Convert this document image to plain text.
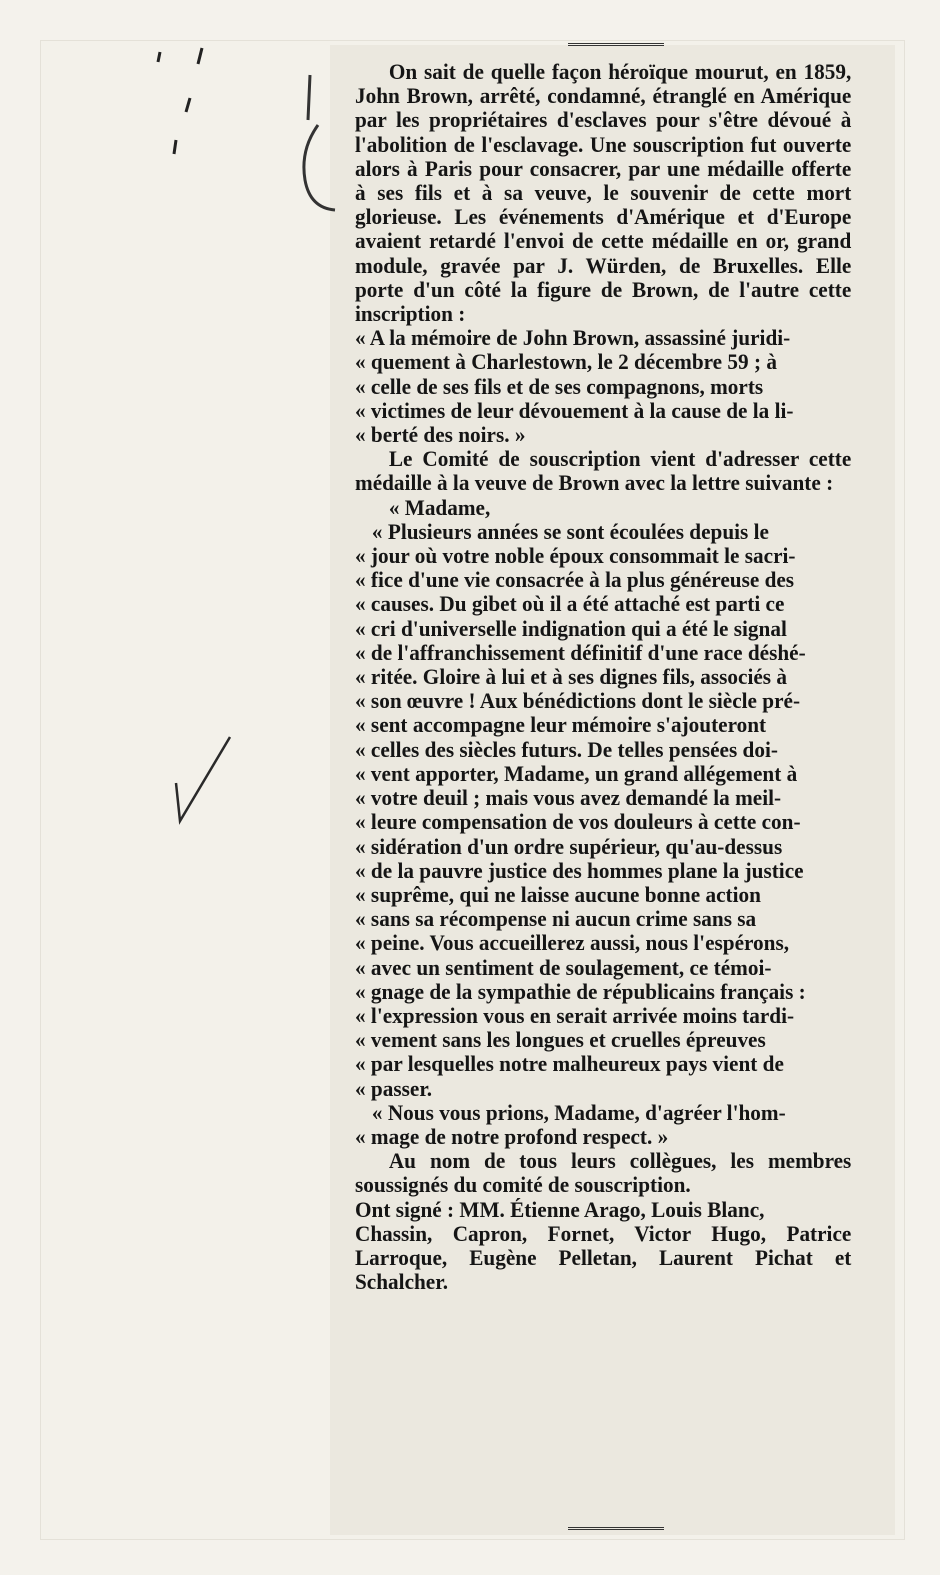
On sait de quelle façon héroïque mourut, en 1859, John Brown, arrêté, condamné, étranglé en Amérique par les propriétaires d'esclaves pour s'être dévoué à l'abolition de l'esclavage. Une souscription fut ouverte alors à Paris pour consacrer, par une médaille offerte à ses fils et à sa veuve, le souvenir de cette mort glorieuse. Les événements d'Amérique et d'Europe avaient retardé l'envoi de cette médaille en or, grand module, gravée par J. Würden, de Bruxelles. Elle porte d'un côté la figure de Brown, de l'autre cette inscription :

« A la mémoire de John Brown, assassiné juridi-

« quement à Charlestown, le 2 décembre 59 ; à

« celle de ses fils et de ses compagnons, morts

« victimes de leur dévouement à la cause de la li-

« berté des noirs. »

Le Comité de souscription vient d'adresser cette médaille à la veuve de Brown avec la lettre suivante :

« Madame,

« Plusieurs années se sont écoulées depuis le

« jour où votre noble époux consommait le sacri-

« fice d'une vie consacrée à la plus généreuse des

« causes. Du gibet où il a été attaché est parti ce

« cri d'universelle indignation qui a été le signal

« de l'affranchissement définitif d'une race déshé-

« ritée. Gloire à lui et à ses dignes fils, associés à

« son œuvre ! Aux bénédictions dont le siècle pré-

« sent accompagne leur mémoire s'ajouteront

« celles des siècles futurs. De telles pensées doi-

« vent apporter, Madame, un grand allégement à

« votre deuil ; mais vous avez demandé la meil-

« leure compensation de vos douleurs à cette con-

« sidération d'un ordre supérieur, qu'au-dessus

« de la pauvre justice des hommes plane la justice

« suprême, qui ne laisse aucune bonne action

« sans sa récompense ni aucun crime sans sa

« peine. Vous accueillerez aussi, nous l'espérons,

« avec un sentiment de soulagement, ce témoi-

« gnage de la sympathie de républicains français :

« l'expression vous en serait arrivée moins tardi-

« vement sans les longues et cruelles épreuves

« par lesquelles notre malheureux pays vient de

« passer.

« Nous vous prions, Madame, d'agréer l'hom-

« mage de notre profond respect. »

Au nom de tous leurs collègues, les membres soussignés du comité de souscription.

Ont signé : MM. Étienne Arago, Louis Blanc,

Chassin, Capron, Fornet, Victor Hugo, Patrice Larroque, Eugène Pelletan, Laurent Pichat et Schalcher.
